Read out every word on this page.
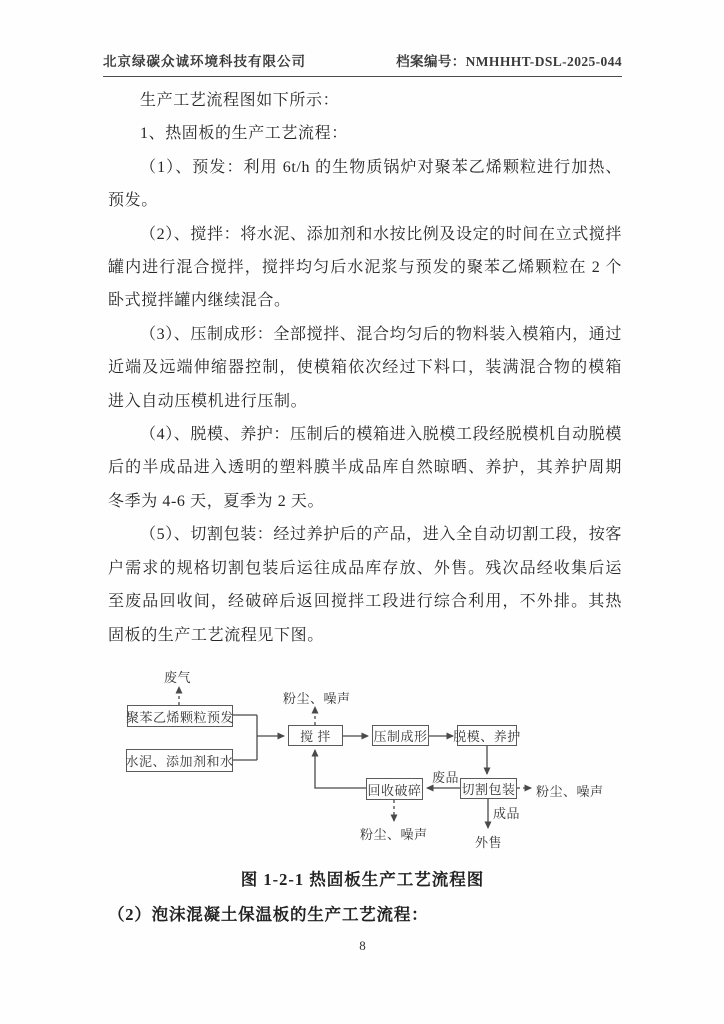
北京绿碳众诚环境科技有限公司	档案编号：NMHHHT-DSL-2025-044

生产工艺流程图如下所示：

1、热固板的生产工艺流程：

（1）、预发：利用 6t/h 的生物质锅炉对聚苯乙烯颗粒进行加热、预发。

（2）、搅拌：将水泥、添加剂和水按比例及设定的时间在立式搅拌罐内进行混合搅拌，搅拌均匀后水泥浆与预发的聚苯乙烯颗粒在 2 个卧式搅拌罐内继续混合。

（3）、压制成形：全部搅拌、混合均匀后的物料装入模箱内，通过近端及远端伸缩器控制，使模箱依次经过下料口，装满混合物的模箱进入自动压模机进行压制。

（4）、脱模、养护：压制后的模箱进入脱模工段经脱模机自动脱模后的半成品进入透明的塑料膜半成品库自然晾晒、养护，其养护周期冬季为 4-6 天，夏季为 2 天。

（5）、切割包装：经过养护后的产品，进入全自动切割工段，按客户需求的规格切割包装后运往成品库存放、外售。残次品经收集后运至废品回收间，经破碎后返回搅拌工段进行综合利用，不外排。其热固板的生产工艺流程见下图。

聚苯乙烯颗粒预发
水泥、添加剂和水
搅 拌	压制成形 脱模、养护
切割包装
回收破碎
废气
粉尘、噪声
废品
粉尘、噪声
成品
外售
粉尘、噪声
图 1-2-1 热固板生产工艺流程图
（2）泡沫混凝土保温板的生产工艺流程：
8
